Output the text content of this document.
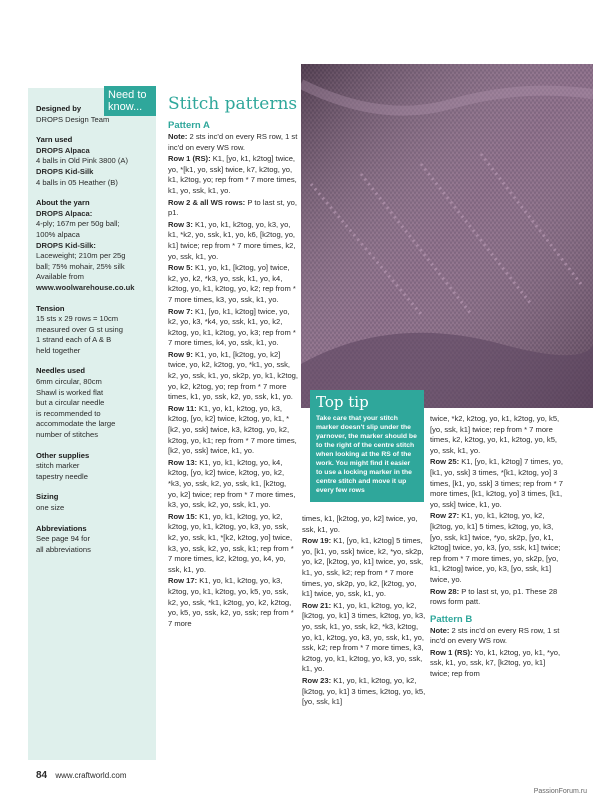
Need to know...
Designed by
DROPS Design Team
Yarn used
DROPS Alpaca
4 balls in Old Pink 3800 (A)
DROPS Kid-Silk
4 balls in 05 Heather (B)
About the yarn
DROPS Alpaca:
4-ply; 167m per 50g ball;
100% alpaca
DROPS Kid-Silk:
Laceweight; 210m per 25g
ball; 75% mohair, 25% silk
Available from
www.woolwarehouse.co.uk
Tension
15 sts x 29 rows = 10cm
measured over G st using
1 strand each of A & B
held together
Needles used
6mm circular, 80cm
Shawl is worked flat
but a circular needle
is recommended to
accommodate the large
number of stitches
Other supplies
stitch marker
tapestry needle
Sizing
one size
Abbreviations
See page 94 for
all abbreviations
Stitch patterns
Pattern A
Note: 2 sts inc'd on every RS row, 1 st inc'd on every WS row.
Row 1 (RS): K1, [yo, k1, k2tog] twice, yo, *[k1, yo, ssk] twice, k7, k2tog, yo, k1, k2tog, yo; rep from * 7 more times, k1, yo, ssk, k1, yo.
Row 2 & all WS rows: P to last st, yo, p1.
Row 3: K1, yo, k1, k2tog, yo, k3, yo, k1, *k2, yo, ssk, k1, yo, k6, [k2tog, yo, k1] twice; rep from * 7 more times, k2, yo, ssk, k1, yo.
Row 5: K1, yo, k1, [k2tog, yo] twice, k2, yo, k2, *k3, yo, ssk, k1, yo, k4, k2tog, yo, k1, k2tog, yo, k2; rep from * 7 more times, k3, yo, ssk, k1, yo.
Row 7: K1, [yo, k1, k2tog] twice, yo, k2, yo, k3, *k4, yo, ssk, k1, yo, k2, k2tog, yo, k1, k2tog, yo, k3; rep from * 7 more times, k4, yo, ssk, k1, yo.
Row 9: K1, yo, k1, [k2tog, yo, k2] twice, yo, k2, k2tog, yo, *k1, yo, ssk, k2, yo, ssk, k1, yo, sk2p, yo, k1, k2tog, yo, k2, k2tog, yo; rep from * 7 more times, k1, yo, ssk, k2, yo, ssk, k1, yo.
Row 11: K1, yo, k1, k2tog, yo, k3, k2tog, [yo, k2] twice, k2tog, yo, k1, *[k2, yo, ssk] twice, k3, k2tog, yo, k2, k2tog, yo, k1; rep from * 7 more times, [k2, yo, ssk] twice, k1, yo.
Row 13: K1, yo, k1, k2tog, yo, k4, k2tog, [yo, k2] twice, k2tog, yo, k2, *k3, yo, ssk, k2, yo, ssk, k1, [k2tog, yo, k2] twice; rep from * 7 more times, k3, yo, ssk, k2, yo, ssk, k1, yo.
Row 15: K1, yo, k1, k2tog, yo, k2, k2tog, yo, k1, k2tog, yo, k3, yo, ssk, k2, yo, ssk, k1, *[k2, k2tog, yo] twice, k3, yo, ssk, k2, yo, ssk, k1; rep from * 7 more times, k2, k2tog, yo, k4, yo, ssk, k1, yo.
Row 17: K1, yo, k1, k2tog, yo, k3, k2tog, yo, k1, k2tog, yo, k5, yo, ssk, k2, yo, ssk, *k1, k2tog, yo, k2, k2tog, yo, k5, yo, ssk, k2, yo, ssk; rep from * 7 more
Top tip
Take care that your stitch marker doesn't slip under the yarnover, the marker should be to the right of the centre stitch when looking at the RS of the work. You might find it easier to use a locking marker in the centre stitch and move it up every few rows
times, k1, [k2tog, yo, k2] twice, yo, ssk, k1, yo.
Row 19: K1, [yo, k1, k2tog] 5 times, yo, [k1, yo, ssk] twice, k2, *yo, sk2p, yo, k2, [k2tog, yo, k1] twice, yo, ssk, k1, yo, ssk, k2; rep from * 7 more times, yo, sk2p, yo, k2, [k2tog, yo, k1] twice, yo, ssk, k1, yo.
Row 21: K1, yo, k1, k2tog, yo, k2, [k2tog, yo, k1] 3 times, k2tog, yo, k3, yo, ssk, k1, yo, ssk, k2, *k3, k2tog, yo, k1, k2tog, yo, k3, yo, ssk, k1, yo, ssk, k2; rep from * 7 more times, k3, k2tog, yo, k1, k2tog, yo, k3, yo, ssk, k1, yo.
Row 23: K1, yo, k1, k2tog, yo, k2, [k2tog, yo, k1] 3 times, k2tog, yo, k5, [yo, ssk, k1]
twice, *k2, k2tog, yo, k1, k2tog, yo, k5, [yo, ssk, k1] twice; rep from * 7 more times, k2, k2tog, yo, k1, k2tog, yo, k5, yo, ssk, k1, yo.
Row 25: K1, [yo, k1, k2tog] 7 times, yo, [k1, yo, ssk] 3 times, *[k1, k2tog, yo] 3 times, [k1, yo, ssk] 3 times; rep from * 7 more times, [k1, k2tog, yo] 3 times, [k1, yo, ssk] twice, k1, yo.
Row 27: K1, yo, k1, k2tog, yo, k2, [k2tog, yo, k1] 5 times, k2tog, yo, k3, [yo, ssk, k1] twice, *yo, sk2p, [yo, k1, k2tog] twice, yo, k3, [yo, ssk, k1] twice; rep from * 7 more times, yo, sk2p, [yo, k1, k2tog] twice, yo, k3, [yo, ssk, k1] twice, yo.
Row 28: P to last st, yo, p1. These 28 rows form patt.
Pattern B
Note: 2 sts inc'd on every RS row, 1 st inc'd on every WS row.
Row 1 (RS): Yo, k1, k2tog, yo, k1, *yo, ssk, k1, yo, ssk, k7, [k2tog, yo, k1] twice; rep from
84 www.craftworld.com
PassionForum.ru
